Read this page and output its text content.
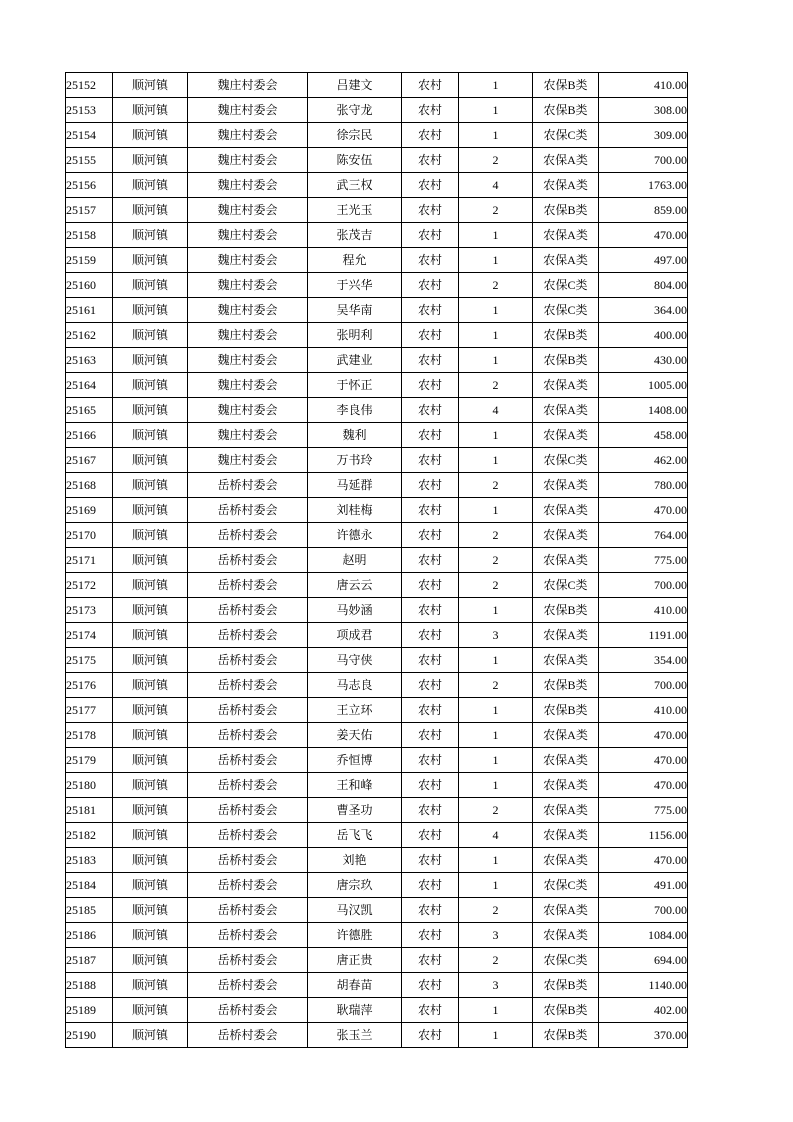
25152	顺河镇	魏庄村委会	吕建文	农村	1	农保B类	410.00
25153	顺河镇	魏庄村委会	张守龙	农村	1	农保B类	308.00
25154	顺河镇	魏庄村委会	徐宗民	农村	1	农保C类	309.00
25155	顺河镇	魏庄村委会	陈安伍	农村	2	农保A类	700.00
25156	顺河镇	魏庄村委会	武三权	农村	4	农保A类	1763.00
25157	顺河镇	魏庄村委会	王光玉	农村	2	农保B类	859.00
25158	顺河镇	魏庄村委会	张茂吉	农村	1	农保A类	470.00
25159	顺河镇	魏庄村委会	程允	农村	1	农保A类	497.00
25160	顺河镇	魏庄村委会	于兴华	农村	2	农保C类	804.00
25161	顺河镇	魏庄村委会	吴华南	农村	1	农保C类	364.00
25162	顺河镇	魏庄村委会	张明利	农村	1	农保B类	400.00
25163	顺河镇	魏庄村委会	武建业	农村	1	农保B类	430.00
25164	顺河镇	魏庄村委会	于怀正	农村	2	农保A类	1005.00
25165	顺河镇	魏庄村委会	李良伟	农村	4	农保A类	1408.00
25166	顺河镇	魏庄村委会	魏利	农村	1	农保A类	458.00
25167	顺河镇	魏庄村委会	万书玲	农村	1	农保C类	462.00
25168	顺河镇	岳桥村委会	马延群	农村	2	农保A类	780.00
25169	顺河镇	岳桥村委会	刘桂梅	农村	1	农保A类	470.00
25170	顺河镇	岳桥村委会	许德永	农村	2	农保A类	764.00
25171	顺河镇	岳桥村委会	赵明	农村	2	农保A类	775.00
25172	顺河镇	岳桥村委会	唐云云	农村	2	农保C类	700.00
25173	顺河镇	岳桥村委会	马妙涵	农村	1	农保B类	410.00
25174	顺河镇	岳桥村委会	项成君	农村	3	农保A类	1191.00
25175	顺河镇	岳桥村委会	马守侠	农村	1	农保A类	354.00
25176	顺河镇	岳桥村委会	马志良	农村	2	农保B类	700.00
25177	顺河镇	岳桥村委会	王立环	农村	1	农保B类	410.00
25178	顺河镇	岳桥村委会	姜天佑	农村	1	农保A类	470.00
25179	顺河镇	岳桥村委会	乔恒博	农村	1	农保A类	470.00
25180	顺河镇	岳桥村委会	王和峰	农村	1	农保A类	470.00
25181	顺河镇	岳桥村委会	曹圣功	农村	2	农保A类	775.00
25182	顺河镇	岳桥村委会	岳飞飞	农村	4	农保A类	1156.00
25183	顺河镇	岳桥村委会	刘艳	农村	1	农保A类	470.00
25184	顺河镇	岳桥村委会	唐宗玖	农村	1	农保C类	491.00
25185	顺河镇	岳桥村委会	马汉凯	农村	2	农保A类	700.00
25186	顺河镇	岳桥村委会	许德胜	农村	3	农保A类	1084.00
25187	顺河镇	岳桥村委会	唐正贵	农村	2	农保C类	694.00
25188	顺河镇	岳桥村委会	胡春苗	农村	3	农保B类	1140.00
25189	顺河镇	岳桥村委会	耿瑞萍	农村	1	农保B类	402.00
25190	顺河镇	岳桥村委会	张玉兰	农村	1	农保B类	370.00
